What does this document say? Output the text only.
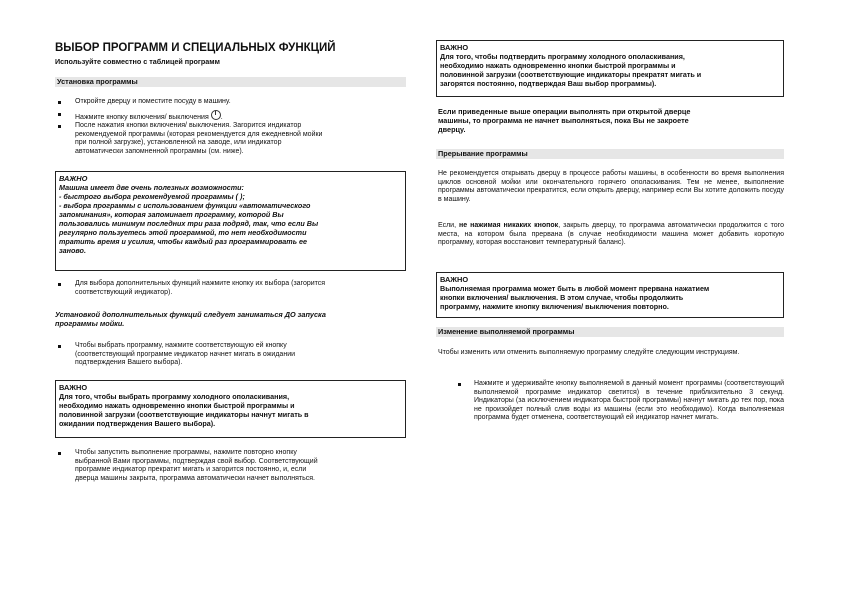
ВЫБОР ПРОГРАММ И СПЕЦИАЛЬНЫХ ФУНКЦИЙ
Используйте совместно с таблицей программ
Установка программы
Откройте дверцу и поместите посуду в машину.
Нажмите кнопку включения/ выключения .
После нажатия кнопки включения/ выключения. Загорится индикатор
рекомендуемой программы (которая рекомендуется для ежедневной мойки
при полной загрузке), установленной на заводе, или индикатор
автоматически запомненной программы (см. ниже).
ВАЖНО
Машина имеет две очень полезных возможности:
- быстрого выбора рекомендуемой программы ( );
- выбора программы с использованием функции «автоматического
запоминания», которая запоминает программу, которой Вы
пользовались минимум последних три раза подряд, так, что если Вы
регулярно пользуетесь этой программой, то нет необходимости
тратить время и усилия, чтобы каждый раз программировать ее
заново.
Для выбора дополнительных функций нажмите кнопку их выбора (загорится
соответствующий индикатор).
Установкой дополнительных функций следует заниматься ДО запуска
программы мойки.
Чтобы выбрать программу, нажмите соответствующую ей кнопку
(соответствующий программе индикатор начнет мигать в ожидании
подтверждения Вашего выбора).
ВАЖНО
Для того, чтобы выбрать программу холодного ополаскивания,
необходимо нажать одновременно кнопки быстрой программы и
половинной загрузки (соответствующие индикаторы начнут мигать в
ожидании подтверждения Вашего выбора).
Чтобы запустить выполнение программы, нажмите повторно кнопку
выбранной Вами программы, подтверждая свой выбор. Соответствующий
программе индикатор прекратит мигать и загорится постоянно, и, если
дверца машины закрыта, программа автоматически начнет выполняться.
ВАЖНО
Для того, чтобы подтвердить программу холодного ополаскивания,
необходимо нажать одновременно кнопки быстрой программы и
половинной загрузки (соответствующие индикаторы прекратят мигать и
загорятся постоянно, подтверждая Ваш выбор программы).
Если приведенные выше операции выполнять при открытой дверце
машины, то программа не начнет выполняться, пока Вы не закроете
дверцу.
Прерывание программы
Не рекомендуется открывать дверцу в процессе работы машины, в особенности во время выполнения циклов основной мойки или окончательного горячего ополаскивания. Тем не менее, выполнение программы автоматически прекратится, если открыть дверцу, например если Вы хотите доложить посуду в машину.
Если, не нажимая никаких кнопок, закрыть дверцу, то программа автоматически продолжится с того места, на котором была прервана (в случае необходимости машина может добавить короткую программу, которая восстановит температурный баланс).
ВАЖНО
Выполняемая программа может быть в любой момент прервана нажатием
кнопки включения/ выключения. В этом случае, чтобы продолжить
программу, нажмите кнопку включения/ выключения повторно.
Изменение выполняемой программы
Чтобы изменить или отменить выполняемую программу следуйте следующим инструкциям.
Нажмите и удерживайте кнопку выполняемой в данный момент программы (соответствующий выполняемой программе индикатор светится) в течение приблизительно 3 секунд. Индикаторы (за исключением индикатора быстрой программы) начнут мигать до тех пор, пока не произойдет полный слив воды из машины (если это необходимо). Когда выполняемая программа будет отменена, соответствующий ей индикатор начнет мигать.
